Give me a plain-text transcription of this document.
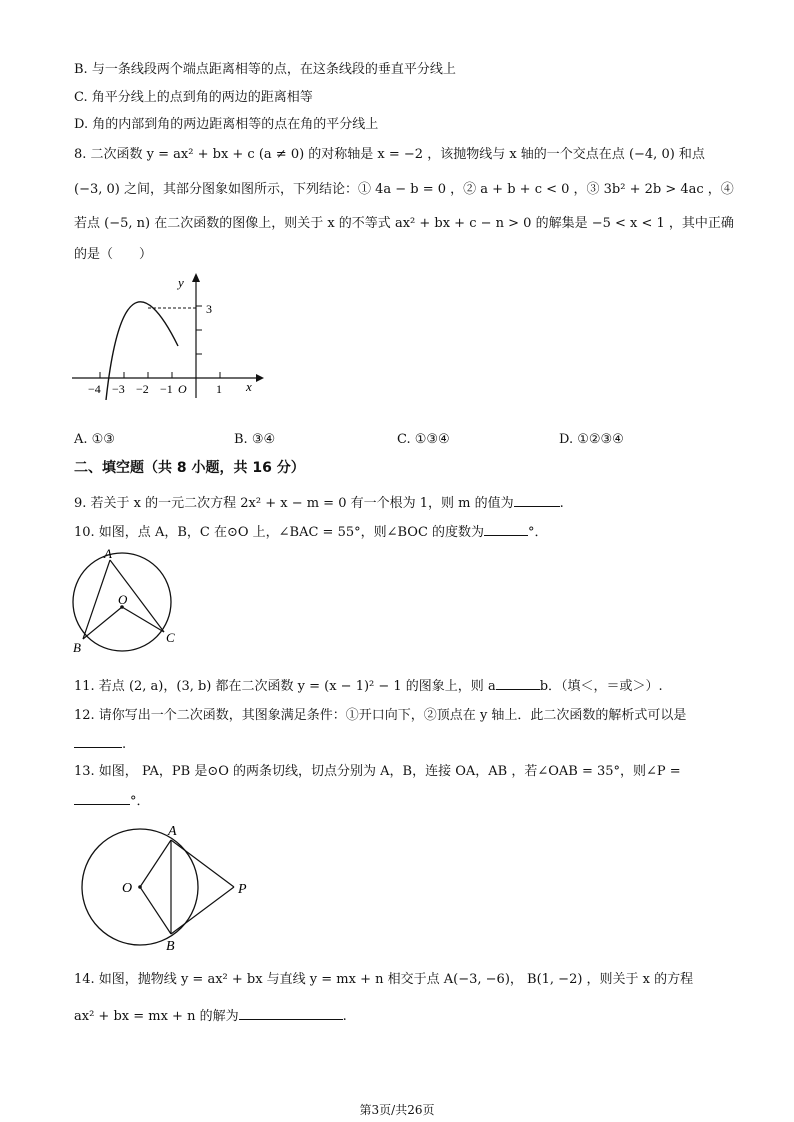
B. 与一条线段两个端点距离相等的点，在这条线段的垂直平分线上
C. 角平分线上的点到角的两边的距离相等
D. 角的内部到角的两边距离相等的点在角的平分线上
8. 二次函数 y = ax² + bx + c (a ≠ 0) 的对称轴是 x = −2 ，该抛物线与 x 轴的一个交点在点 (−4, 0) 和点
(−3, 0) 之间，其部分图象如图所示，下列结论：① 4a − b = 0 ，② a + b + c < 0 ，③ 3b² + 2b > 4ac ，④
若点 (−5, n) 在二次函数的图像上，则关于 x 的不等式 ax² + bx + c − n > 0 的解集是 −5 < x < 1 ，其中正确
的是（　　）
y
x
3
O
−4 −3 −2 −1	1
A. ①③	B. ③④	C. ①③④	D. ①②③④
二、填空题（共 8 小题，共 16 分）
9. 若关于 x 的一元二次方程 2x² + x − m = 0 有一个根为 1，则 m 的值为	.
10. 如图，点 A，B，C 在⊙O 上，∠BAC = 55°，则∠BOC 的度数为	°．
A
O
B
C
11. 若点 (2, a)，(3, b) 都在二次函数 y = (x − 1)² − 1 的图象上，则 a	b．（填＜，＝或＞）.
12. 请你写出一个二次函数，其图象满足条件：①开口向下，②顶点在 y 轴上．此二次函数的解析式可以是
.
13. 如图， PA，PB 是⊙O 的两条切线，切点分别为 A，B，连接 OA，AB ，若∠OAB = 35°，则∠P =
°．
A
O
B
P
14. 如图，抛物线 y = ax² + bx 与直线 y = mx + n 相交于点 A(−3, −6)， B(1, −2) ，则关于 x 的方程
ax² + bx = mx + n 的解为	.
第3页/共26页
